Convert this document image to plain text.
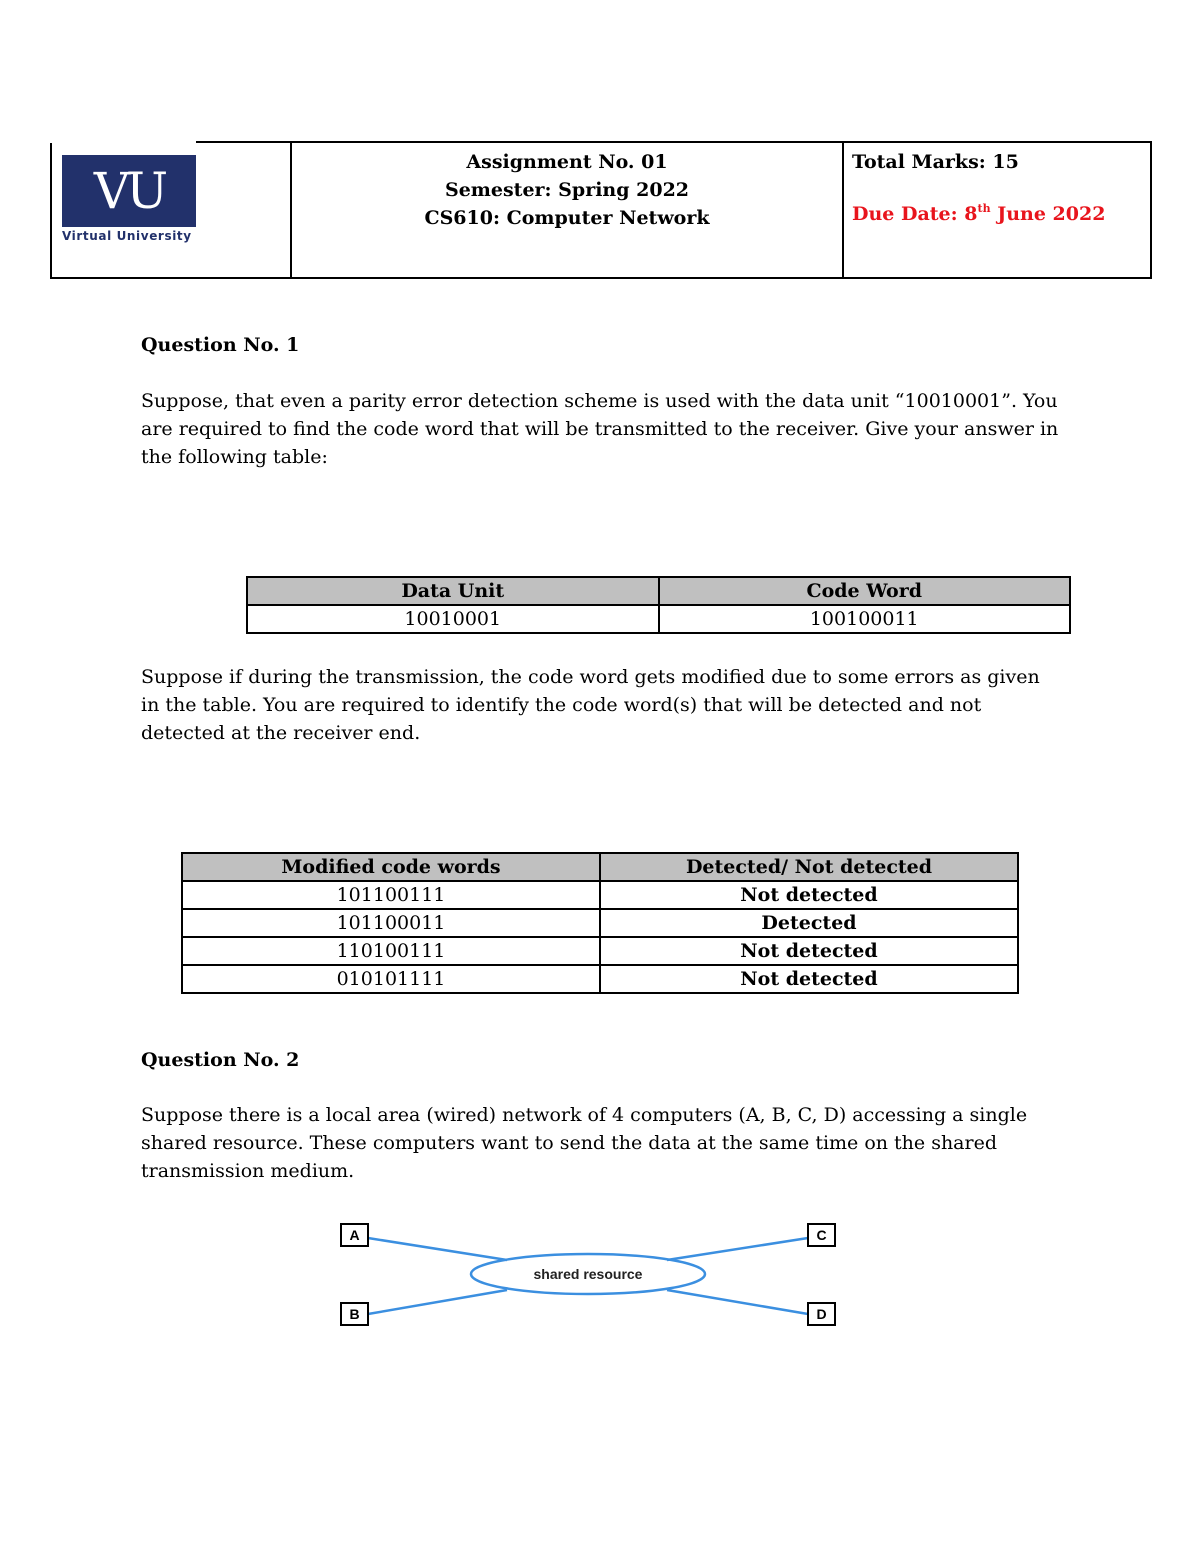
VU
Virtual University

Assignment No. 01

Semester: Spring 2022

CS610: Computer Network

Total Marks: 15

Due Date: 8th June 2022
Question No. 1

Suppose, that even a parity error detection scheme is used with the data unit “10010001”. You are required to find the code word that will be transmitted to the receiver. Give your answer in the following table:

Data Unit	Code Word
10010001	100100011

Suppose if during the transmission, the code word gets modified due to some errors as given in the table. You are required to identify the code word(s) that will be detected and not detected at the receiver end.

Modified code words	Detected/ Not detected
101100111	Not detected
101100011	Detected
110100111	Not detected
010101111	Not detected
Question No. 2

Suppose there is a local area (wired) network of 4 computers (A, B, C, D) accessing a single shared resource. These computers want to send the data at the same time on the shared transmission medium.

shared resource
A
B
C
D
